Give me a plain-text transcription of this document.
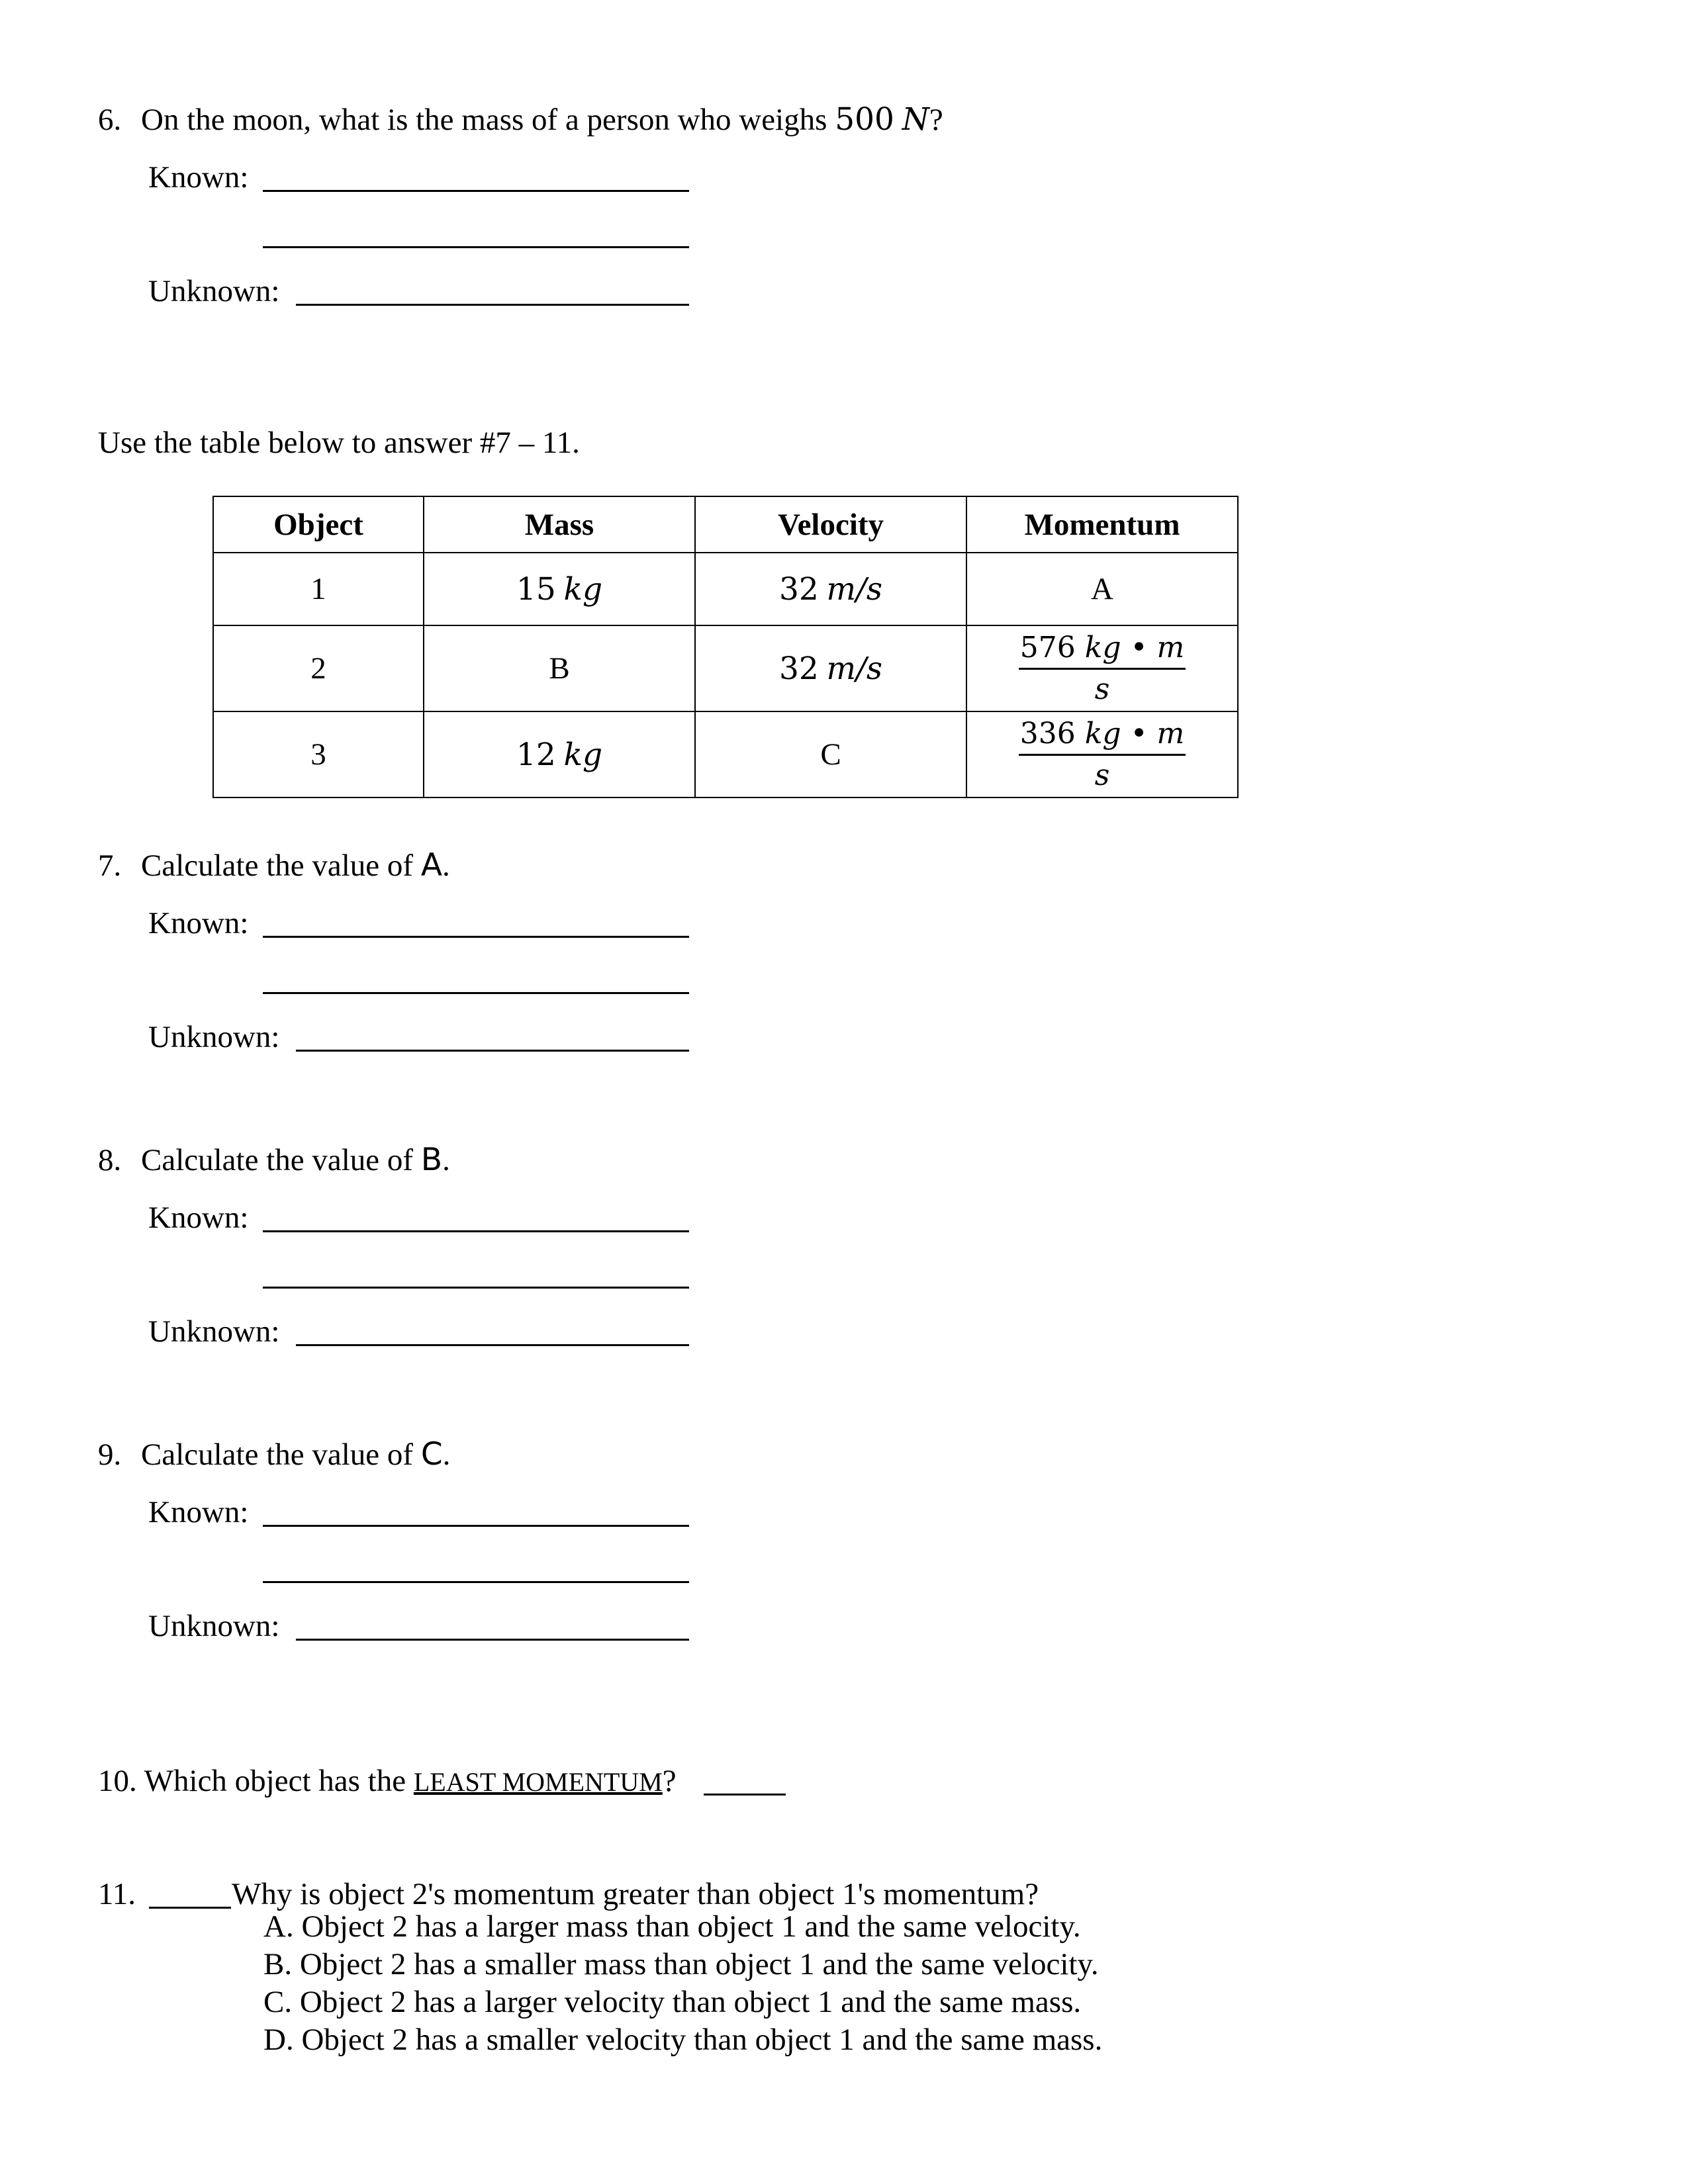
6. On the moon, what is the mass of a person who weighs 500 N?
Known:
Unknown:
Use the table below to answer #7 – 11.
Object	Mass	Velocity	Momentum
1	15 kg	32 m/s	A
2	B	32 m/s	$\frac{576 kg • m}{s}$

3	12 kg	C	$\frac{336 kg • m}{s}$
7. Calculate the value of A.
Known:
Unknown:
8. Calculate the value of B.
Known:
Unknown:
9. Calculate the value of C.
Known:
Unknown:
10. Which object has the LEAST MOMENTUM?
11.	Why is object 2's momentum greater than object 1's momentum?
A. Object 2 has a larger mass than object 1 and the same velocity.
B. Object 2 has a smaller mass than object 1 and the same velocity.
C. Object 2 has a larger velocity than object 1 and the same mass.
D. Object 2 has a smaller velocity than object 1 and the same mass.
